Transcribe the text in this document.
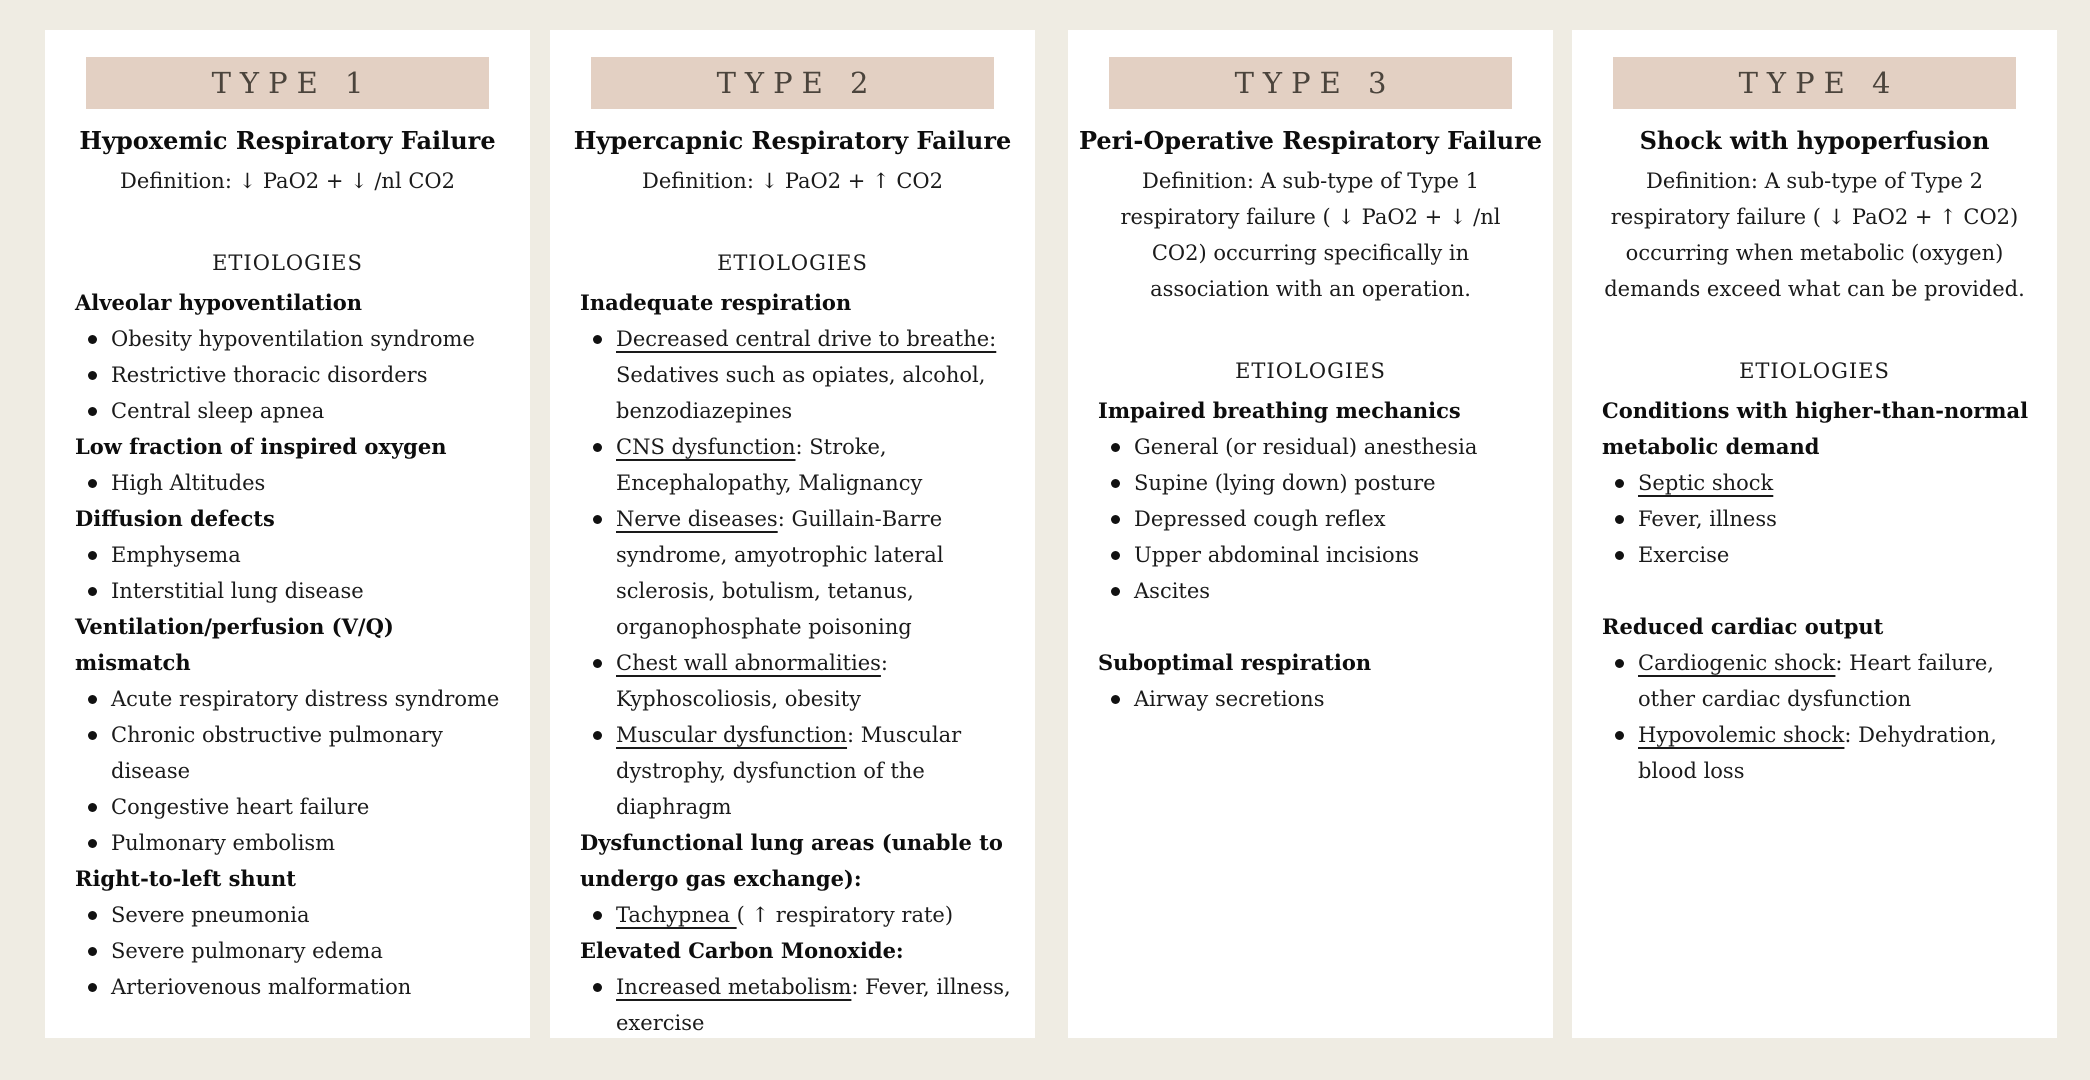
TYPE 1
Hypoxemic Respiratory Failure

Definition: ↓ PaO2 + ↓ /nl CO2

ETIOLOGIES
Alveolar hypoventilation
Obesity hypoventilation syndrome
Restrictive thoracic disorders
Central sleep apnea
Low fraction of inspired oxygen
High Altitudes
Diffusion defects
Emphysema
Interstitial lung disease
Ventilation/perfusion (V/Q) mismatch
Acute respiratory distress syndrome
Chronic obstructive pulmonary disease
Congestive heart failure
Pulmonary embolism
Right-to-left shunt
Severe pneumonia
Severe pulmonary edema
Arteriovenous malformation
TYPE 2
Hypercapnic Respiratory Failure

Definition: ↓ PaO2 + ↑ CO2

ETIOLOGIES
Inadequate respiration
Decreased central drive to breathe: Sedatives such as opiates, alcohol, benzodiazepines
CNS dysfunction: Stroke, Encephalopathy, Malignancy
Nerve diseases: Guillain-Barre syndrome, amyotrophic lateral sclerosis, botulism, tetanus, organophosphate poisoning
Chest wall abnormalities: Kyphoscoliosis, obesity
Muscular dysfunction: Muscular dystrophy, dysfunction of the diaphragm
Dysfunctional lung areas (unable to undergo gas exchange):
Tachypnea ( ↑ respiratory rate)
Elevated Carbon Monoxide:
Increased metabolism: Fever, illness, exercise
TYPE 3
Peri-Operative Respiratory Failure

Definition: A sub-type of Type 1 respiratory failure ( ↓ PaO2 + ↓ /nl CO2) occurring specifically in association with an operation.

ETIOLOGIES
Impaired breathing mechanics
General (or residual) anesthesia
Supine (lying down) posture
Depressed cough reflex
Upper abdominal incisions
Ascites
Suboptimal respiration
Airway secretions
TYPE 4
Shock with hypoperfusion

Definition: A sub-type of Type 2 respiratory failure ( ↓ PaO2 + ↑ CO2) occurring when metabolic (oxygen) demands exceed what can be provided.

ETIOLOGIES
Conditions with higher-than-normal metabolic demand
Septic shock
Fever, illness
Exercise
Reduced cardiac output
Cardiogenic shock: Heart failure, other cardiac dysfunction
Hypovolemic shock: Dehydration, blood loss
